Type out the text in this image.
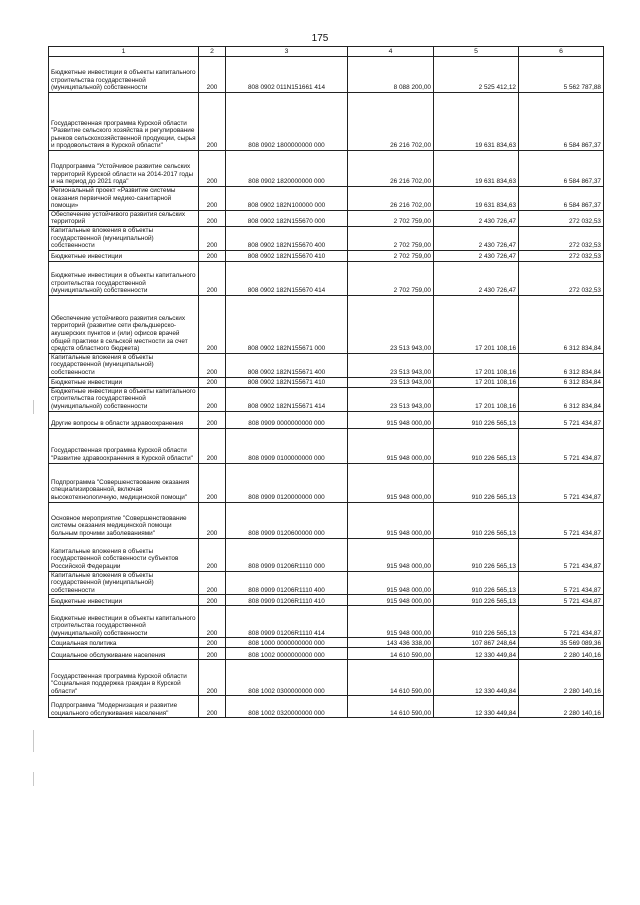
175
1	2	3	4	5	6
Бюджетные инвестиции в объекты капитального строительства государственной (муниципальной) собственности	200	808 0902 011N151661 414	8 088 200,00	2 525 412,12	5 562 787,88
Государственная программа Курской области "Развитие сельского хозяйства и регулирование рынков сельскохозяйственной продукции, сырья и продовольствия в Курской области"	200	808 0902 1800000000 000	26 216 702,00	19 631 834,63	6 584 867,37
Подпрограмма "Устойчивое развитие сельских территорий Курской области на 2014-2017 годы и на период до 2021 года"	200	808 0902 1820000000 000	26 216 702,00	19 631 834,63	6 584 867,37
Региональный проект «Развитие системы оказания первичной медико-санитарной помощи»	200	808 0902 182N100000 000	26 216 702,00	19 631 834,63	6 584 867,37
Обеспечение устойчивого развития сельских территорий	200	808 0902 182N155670 000	2 702 759,00	2 430 726,47	272 032,53
Капитальные вложения в объекты государственной (муниципальной) собственности	200	808 0902 182N155670 400	2 702 759,00	2 430 726,47	272 032,53
Бюджетные инвестиции	200	808 0902 182N155670 410	2 702 759,00	2 430 726,47	272 032,53
Бюджетные инвестиции в объекты капитального строительства государственной (муниципальной) собственности	200	808 0902 182N155670 414	2 702 759,00	2 430 726,47	272 032,53
Обеспечение устойчивого развития сельских территорий (развитие сети фельдшерско-акушерских пунктов и (или) офисов врачей общей практики в сельской местности за счет средств областного бюджета)	200	808 0902 182N155671 000	23 513 943,00	17 201 108,16	6 312 834,84
Капитальные вложения в объекты государственной (муниципальной) собственности	200	808 0902 182N155671 400	23 513 943,00	17 201 108,16	6 312 834,84
Бюджетные инвестиции	200	808 0902 182N155671 410	23 513 943,00	17 201 108,16	6 312 834,84
Бюджетные инвестиции в объекты капитального строительства государственной (муниципальной) собственности	200	808 0902 182N155671 414	23 513 943,00	17 201 108,16	6 312 834,84
Другие вопросы в области здравоохранения	200	808 0909 0000000000 000	915 948 000,00	910 226 565,13	5 721 434,87
Государственная программа Курской области "Развитие здравоохранения в Курской области"	200	808 0909 0100000000 000	915 948 000,00	910 226 565,13	5 721 434,87
Подпрограмма "Совершенствование оказания специализированной, включая высокотехнологичную, медицинской помощи"	200	808 0909 0120000000 000	915 948 000,00	910 226 565,13	5 721 434,87
Основное мероприятие "Совершенствование системы оказания медицинской помощи больным прочими заболеваниями"	200	808 0909 0120600000 000	915 948 000,00	910 226 565,13	5 721 434,87
Капитальные вложения в объекты государственной собственности субъектов Российской Федерации	200	808 0909 01206R1110 000	915 948 000,00	910 226 565,13	5 721 434,87
Капитальные вложения в объекты государственной (муниципальной) собственности	200	808 0909 01206R1110 400	915 948 000,00	910 226 565,13	5 721 434,87
Бюджетные инвестиции	200	808 0909 01206R1110 410	915 948 000,00	910 226 565,13	5 721 434,87
Бюджетные инвестиции в объекты капитального строительства государственной (муниципальной) собственности	200	808 0909 01206R1110 414	915 948 000,00	910 226 565,13	5 721 434,87
Социальная политика	200	808 1000 0000000000 000	143 436 338,00	107 867 248,64	35 569 089,36
Социальное обслуживание населения	200	808 1002 0000000000 000	14 610 590,00	12 330 449,84	2 280 140,16
Государственная программа Курской области "Социальная поддержка граждан в Курской области"	200	808 1002 0300000000 000	14 610 590,00	12 330 449,84	2 280 140,16
Подпрограмма "Модернизация и развитие социального обслуживания населения"	200	808 1002 0320000000 000	14 610 590,00	12 330 449,84	2 280 140,16
